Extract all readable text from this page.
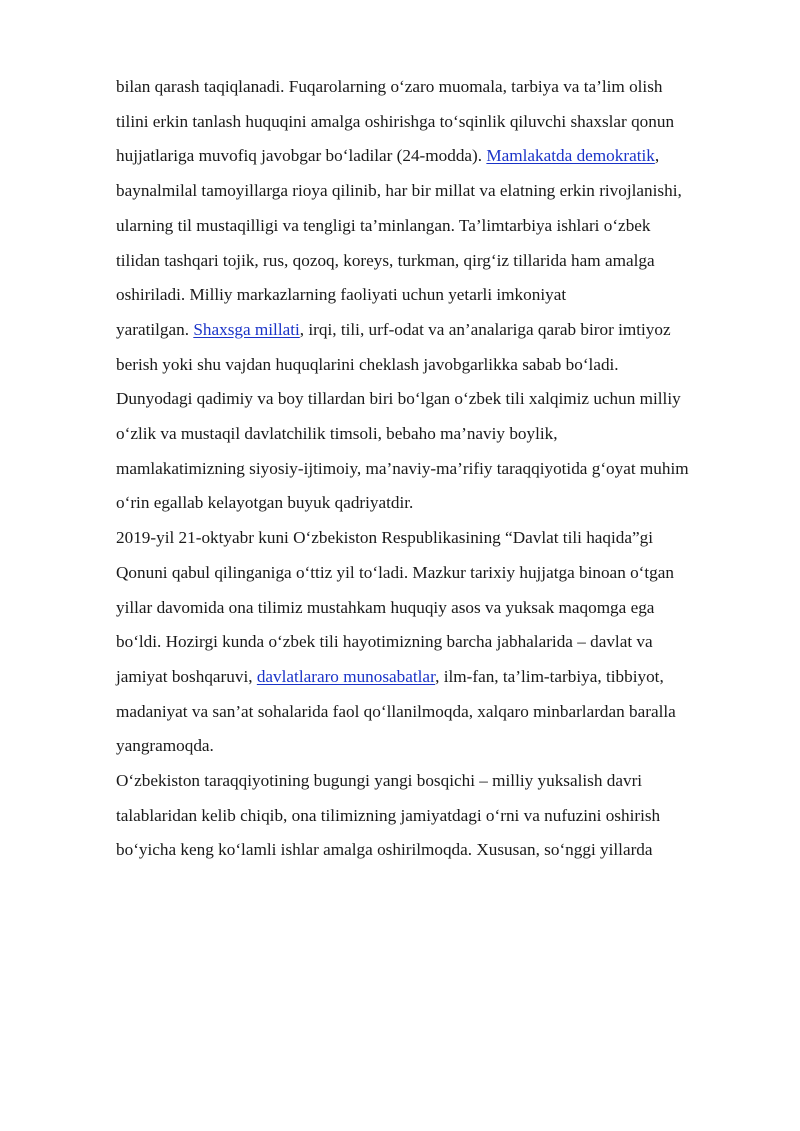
bilan qarash taqiqlanadi. Fuqarolarning o‘zaro muomala, tarbiya va ta’lim olish
tilini erkin tanlash huquqini amalga oshirishga to‘sqinlik qiluvchi shaxslar qonun
hujjatlariga muvofiq javobgar bo‘ladilar (24-modda). Mamlakatda demokratik,
baynalmilal tamoyillarga rioya qilinib, har bir millat va elatning erkin rivojlanishi,
ularning til mustaqilligi va tengligi ta’minlangan. Ta’limtarbiya ishlari o‘zbek
tilidan tashqari tojik, rus, qozoq, koreys, turkman, qirg‘iz tillarida ham amalga
oshiriladi. Milliy markazlarning faoliyati uchun yetarli imkoniyat
yaratilgan. Shaxsga millati, irqi, tili, urf-odat va an’analariga qarab biror imtiyoz
berish yoki shu vajdan huquqlarini cheklash javobgarlikka sabab bo‘ladi.
Dunyodagi qadimiy va boy tillardan biri bo‘lgan o‘zbek tili xalqimiz uchun milliy
o‘zlik va mustaqil davlatchilik timsoli, bebaho ma’naviy boylik,
mamlakatimizning siyosiy-ijtimoiy, ma’naviy-ma’rifiy taraqqiyotida g‘oyat muhim
o‘rin egallab kelayotgan buyuk qadriyatdir.
2019-yil 21-oktyabr kuni O‘zbekiston Respublikasining “Davlat tili haqida”gi
Qonuni qabul qilinganiga o‘ttiz yil to‘ladi. Mazkur tarixiy hujjatga binoan o‘tgan
yillar davomida ona tilimiz mustahkam huquqiy asos va yuksak maqomga ega
bo‘ldi. Hozirgi kunda o‘zbek tili hayotimizning barcha jabhalarida – davlat va
jamiyat boshqaruvi, davlatlararo munosabatlar, ilm-fan, ta’lim-tarbiya, tibbiyot,
madaniyat va san’at sohalarida faol qo‘llanilmoqda, xalqaro minbarlardan baralla
yangramoqda.
O‘zbekiston taraqqiyotining bugungi yangi bosqichi – milliy yuksalish davri
talablaridan kelib chiqib, ona tilimizning jamiyatdagi o‘rni va nufuzini oshirish
bo‘yicha keng ko‘lamli ishlar amalga oshirilmoqda. Xususan, so‘nggi yillarda
